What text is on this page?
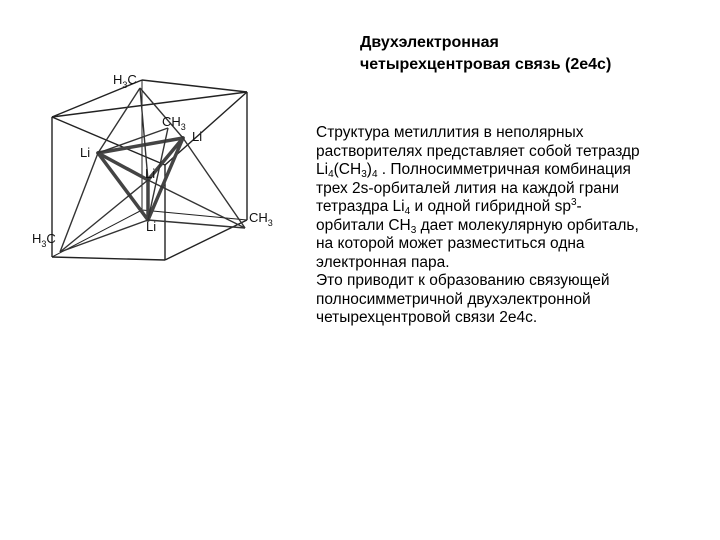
$H_3C$
$CH_3$
Li
Li
Li
Li
$CH_3$
$H_3C$
Двухэлектронная
четырехцентровая связь (2е4с)
Структура метиллития в неполярных
растворителях представляет собой тетраздр
$Li_4(CH_3)_4$ . Полносимметричная комбинация
трех 2s-орбиталей лития на каждой грани
тетраздра $Li_4$ и одной гибридной $sp^3-$
орбитали $CH_3$ дает молекулярную орбиталь,
на которой может разместиться одна
электронная пара.
Это приводит к образованию связующей
полносимметричной двухэлектронной
четырехцентровой связи 2е4с.
